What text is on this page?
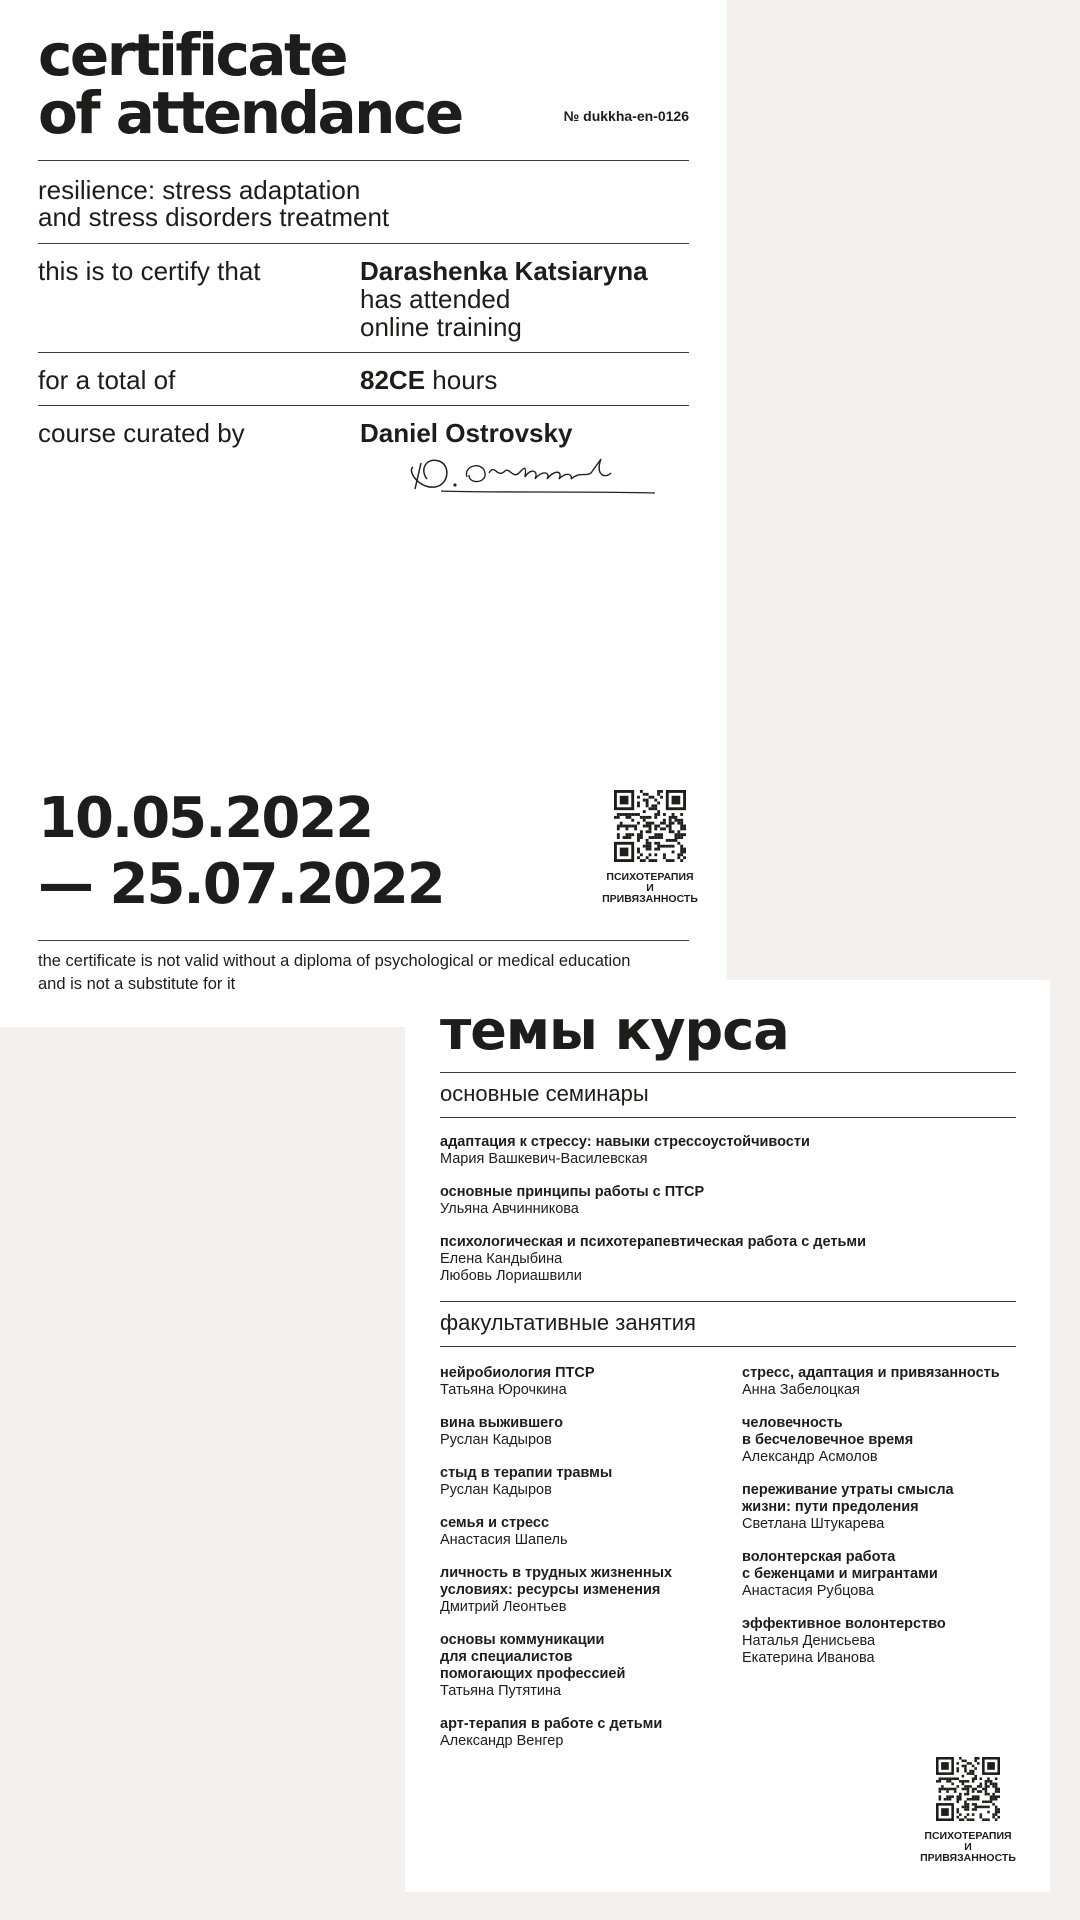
certificate
of attendance	№ dukkha-en-0126
resilience: stress adaptation
and stress disorders treatment
this is to certify that	Darashenka Katsiaryna
has attended
online training
for a total of	82CE hours
course curated by	Daniel Ostrovsky
10.05.2022
— 25.07.2022	ПСИХОТЕРАПИЯ
И
ПРИВЯЗАННОСТЬ
the certificate is not valid without a diploma of psychological or medical education
and is not a substitute for it
темы курса
основные семинары
адаптация к стрессу: навыки стрессоустойчивости
Мария Вашкевич-Василевская
основные принципы работы с ПТСР
Ульяна Авчинникова
психологическая и психотерапевтическая работа с детьми
Елена Кандыбина
Любовь Лориашвили
факультативные занятия
нейробиология ПТСР
Татьяна Юрочкина
вина выжившего
Руслан Кадыров
стыд в терапии травмы
Руслан Кадыров
семья и стресс
Анастасия Шапель
личность в трудных жизненных
условиях: ресурсы изменения
Дмитрий Леонтьев
основы коммуникации
для специалистов
помогающих профессией
Татьяна Путятина
арт-терапия в работе с детьми
Александр Венгер
стресс, адаптация и привязанность
Анна Забелоцкая
человечность
в бесчеловечное время
Александр Асмолов
переживание утраты смысла
жизни: пути предоления
Светлана Штукарева
волонтерская работа
с беженцами и мигрантами
Анастасия Рубцова
эффективное волонтерство
Наталья Денисьева
Екатерина Иванова
ПСИХОТЕРАПИЯ
И
ПРИВЯЗАННОСТЬ
